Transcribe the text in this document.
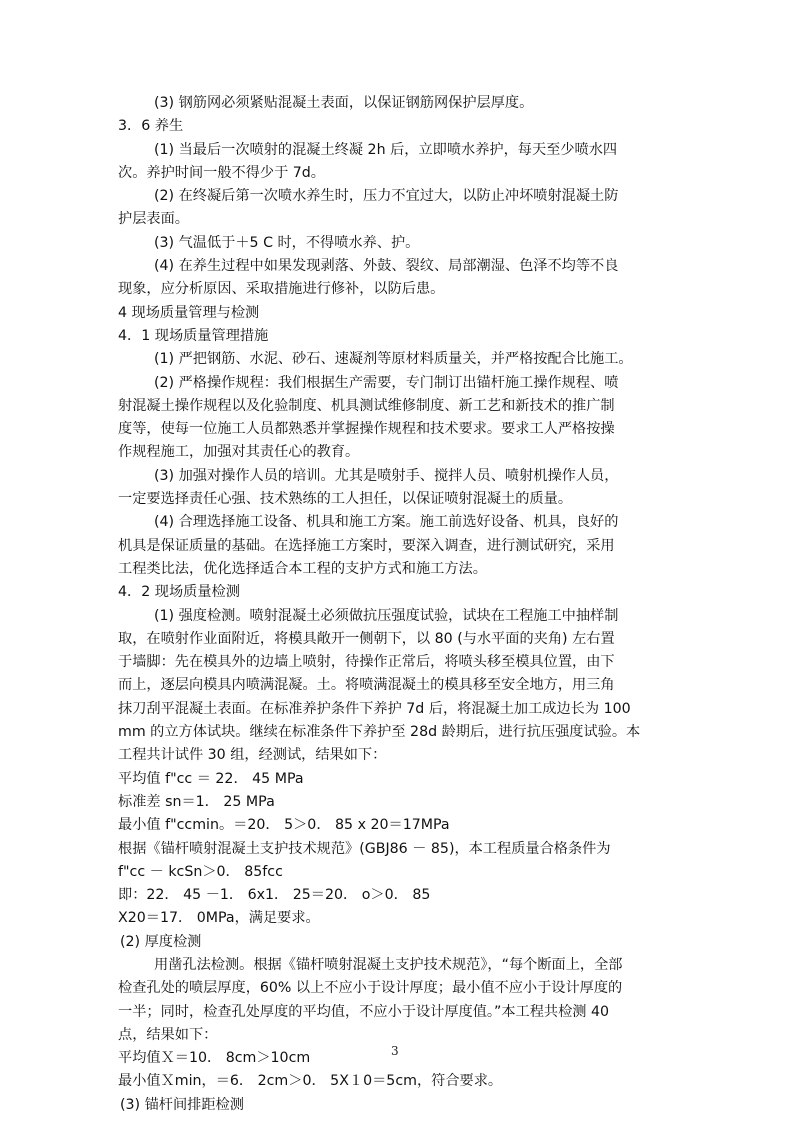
(3) 钢筋网必须紧贴混凝土表面，以保证钢筋网保护层厚度。
3．6 养生
(1) 当最后一次喷射的混凝土终凝 2h 后，立即喷水养护，每天至少喷水四
次。养护时间一般不得少于 7d。
(2) 在终凝后第一次喷水养生时，压力不宜过大，以防止冲坏喷射混凝土防
护层表面。
(3) 气温低于＋5 C 时，不得喷水养、护。
(4) 在养生过程中如果发现剥落、外鼓、裂纹、局部潮湿、色泽不均等不良
现象，应分析原因、采取措施进行修补，以防后患。
4 现场质量管理与检测
4．1 现场质量管理措施
(1) 严把钢筋、水泥、砂石、速凝剂等原材料质量关，并严格按配合比施工。
(2) 严格操作规程：我们根据生产需要，专门制订出锚杆施工操作规程、喷
射混凝土操作规程以及化验制度、机具测试维修制度、新工艺和新技术的推广制
度等，使每一位施工人员都熟悉并掌握操作规程和技术要求。要求工人严格按操
作规程施工，加强对其责任心的教育。
(3) 加强对操作人员的培训。尤其是喷射手、搅拌人员、喷射机操作人员，
一定要选择责任心强、技术熟练的工人担任，以保证喷射混凝土的质量。
(4) 合理选择施工设备、机具和施工方案。施工前选好设备、机具，良好的
机具是保证质量的基础。在选择施工方案时，要深入调查，进行测试研究，采用
工程类比法，优化选择适合本工程的支护方式和施工方法。
4．2 现场质量检测
(1) 强度检测。喷射混凝土必须做抗压强度试验，试块在工程施工中抽样制
取，在喷射作业面附近，将模具敞开一侧朝下，以 80 (与水平面的夹角) 左右置
于墙脚：先在模具外的边墙上喷射，待操作正常后，将喷头移至模具位置，由下
而上，逐层向模具内喷满混凝。土。将喷满混凝土的模具移至安全地方，用三角
抹刀刮平混凝土表面。在标准养护条件下养护 7d 后，将混凝土加工成边长为 100
mm 的立方体试块。继续在标准条件下养护至 28d 龄期后，进行抗压强度试验。本
工程共计试件 30 组，经测试，结果如下：
平均值 f"cc ＝ 22． 45 MPa
标准差 sn＝1． 25 MPa
最小值 f"ccmin。＝20． 5＞0． 85 x 20＝17MPa
根据《锚杆喷射混凝土支护技术规范》(GBJ86 － 85)，本工程质量合格条件为
f"cc － kcSn＞0． 85fcc
即：22． 45 －1． 6x1． 25＝20． o＞0． 85
X20＝17． 0MPa，满足要求。
(2) 厚度检测
用凿孔法检测。根据《锚杆喷射混凝土支护技术规范》，“每个断面上，全部
检查孔处的喷层厚度，60% 以上不应小于设计厚度；最小值不应小于设计厚度的
一半；同时，检查孔处厚度的平均值，不应小于设计厚度值。”本工程共检测 40
点，结果如下：
平均值Ｘ＝10． 8cm＞10cm
最小值Ｘmin，＝6． 2cm＞0． 5X１0＝5cm，符合要求。
(3) 锚杆间排距检测
3
